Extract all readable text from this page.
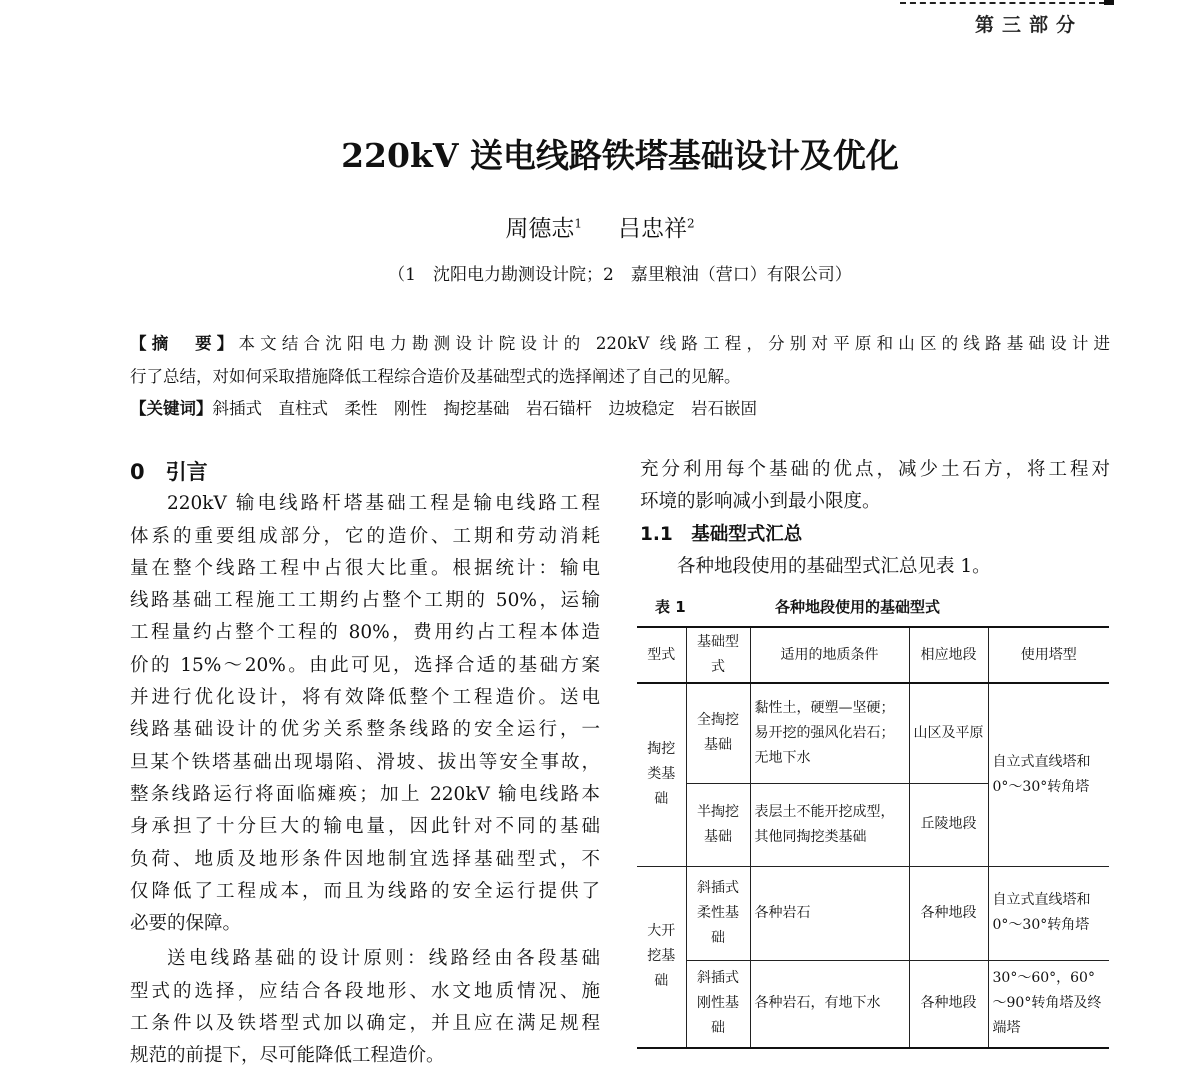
第三部分
220kV 送电线路铁塔基础设计及优化
周德志$^1$ 吕忠祥$^2$
（1　沈阳电力勘测设计院；2　嘉里粮油（营口）有限公司）
【摘　要】本文结合沈阳电力勘测设计院设计的 220kV 线路工程，分别对平原和山区的线路基础设计进
行了总结，对如何采取措施降低工程综合造价及基础型式的选择阐述了自己的见解。
【关键词】斜插式　直柱式　柔性　刚性　掏挖基础　岩石锚杆　边坡稳定　岩石嵌固
0　引言
220kV 输电线路杆塔基础工程是输电线路工程
体系的重要组成部分，它的造价、工期和劳动消耗
量在整个线路工程中占很大比重。根据统计：输电
线路基础工程施工工期约占整个工期的 50%，运输
工程量约占整个工程的 80%，费用约占工程本体造
价的 15%～20%。由此可见，选择合适的基础方案
并进行优化设计，将有效降低整个工程造价。送电
线路基础设计的优劣关系整条线路的安全运行，一
旦某个铁塔基础出现塌陷、滑坡、拔出等安全事故，
整条线路运行将面临瘫痪；加上 220kV 输电线路本
身承担了十分巨大的输电量，因此针对不同的基础
负荷、地质及地形条件因地制宜选择基础型式，不
仅降低了工程成本，而且为线路的安全运行提供了
必要的保障。
送电线路基础的设计原则：线路经由各段基础
型式的选择，应结合各段地形、水文地质情况、施
工条件以及铁塔型式加以确定，并且应在满足规程
规范的前提下，尽可能降低工程造价。
充分利用每个基础的优点，减少土石方，将工程对
环境的影响减小到最小限度。
1.1　基础型式汇总
各种地段使用的基础型式汇总见表 1。
表 1	各种地段使用的基础型式
型式	基础型式	适用的地质条件	相应地段	使用塔型
掏挖类基础	全掏挖基础	黏性土，硬塑—坚硬；易开挖的强风化岩石；无地下水	山区及平原	自立式直线塔和 0°～30°转角塔
	半掏挖基础	表层土不能开挖成型，其他同掏挖类基础	丘陵地段	
大开挖基础	斜插式柔性基础	各种岩石	各种地段	自立式直线塔和 0°～30°转角塔
	斜插式刚性基础	各种岩石，有地下水	各种地段	30°～60°，60°～90°转角塔及终端塔
